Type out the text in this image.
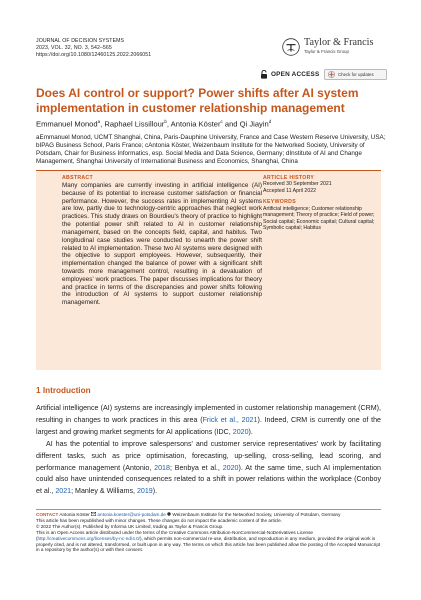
JOURNAL OF DECISION SYSTEMS
2023, VOL. 32, NO. 3, 542–565
https://doi.org/10.1080/12460125.2022.2066051
Taylor & Francis
Taylor & Francis Group
OPEN ACCESS	Check for updates
Does AI control or support? Power shifts after AI system implementation in customer relationship management
Emmanuel Monod$^a$, Raphael Lissillour$^b$, Antonia Köster$^c$ and Qi Jiayin$^d$
aEmmanuel Monod, UCMT Shanghai, China, Paris-Dauphine University, France and Case Western Reserve University, USA; bIPAG Business School, Paris France; cAntonia Köster, Weizenbaum Institute for the Networked Society, University of Potsdam, Chair for Business Informatics, esp. Social Media and Data Science, Germany; dInstitute of AI and Change Management, Shanghai University of International Business and Economics, Shanghai, China
ABSTRACT
Many companies are currently investing in artificial intelligence (AI) because of its potential to increase customer satisfaction or financial performance. However, the success rates in implementing AI systems are low, partly due to technology-centric approaches that neglect work practices. This study draws on Bourdieu's theory of practice to highlight the potential power shift related to AI in customer relationship management, based on the concepts field, capital, and habitus. Two longitudinal case studies were conducted to unearth the power shift related to AI implementation. These two AI systems were designed with the objective to support employees. However, subsequently, their implementation changed the balance of power with a significant shift towards more management control, resulting in a devaluation of employees' work practices. The paper discusses implications for theory and practice in terms of the discrepancies and power shifts following the introduction of AI systems to support customer relationship management.
ARTICLE HISTORY
Received 30 September 2021
Accepted 11 April 2022
KEYWORDS
Artificial intelligence; Customer relationship management; Theory of practice; Field of power; Social capital; Economic capital; Cultural capital; Symbolic capital; Habitus
1 Introduction

Artificial intelligence (AI) systems are increasingly implemented in customer relationship management (CRM), resulting in changes to work practices in this area (Frick et al., 2021). Indeed, CRM is currently one of the largest and growing market segments for AI applications (IDC, 2020).

AI has the potential to improve salespersons' and customer service representatives' work by facilitating different tasks, such as price optimisation, forecasting, up-selling, cross-selling, lead scoring, and performance management (Antonio, 2018; Benbya et al., 2020). At the same time, such AI implementation could also have unintended consequences related to a shift in power relations within the workplace (Conboy et al., 2021; Manley & Williams, 2019).

CONTACT Antonia Köster  antonia.koester@uni-potsdam.de  Weizenbaum Institute for the Networked Society, University of Potsdam, Germany

This article has been republished with minor changes. These changes do not impact the academic content of the article.

© 2022 The Author(s). Published by Informa UK Limited, trading as Taylor & Francis Group.

This is an Open Access article distributed under the terms of the Creative Commons Attribution-NonCommercial-NoDerivatives License (http://creativecommons.org/licenses/by-nc-nd/4.0/), which permits non-commercial re-use, distribution, and reproduction in any medium, provided the original work is properly cited, and is not altered, transformed, or built upon in any way. The terms on which this article has been published allow the posting of the Accepted Manuscript in a repository by the author(s) or with their consent.
